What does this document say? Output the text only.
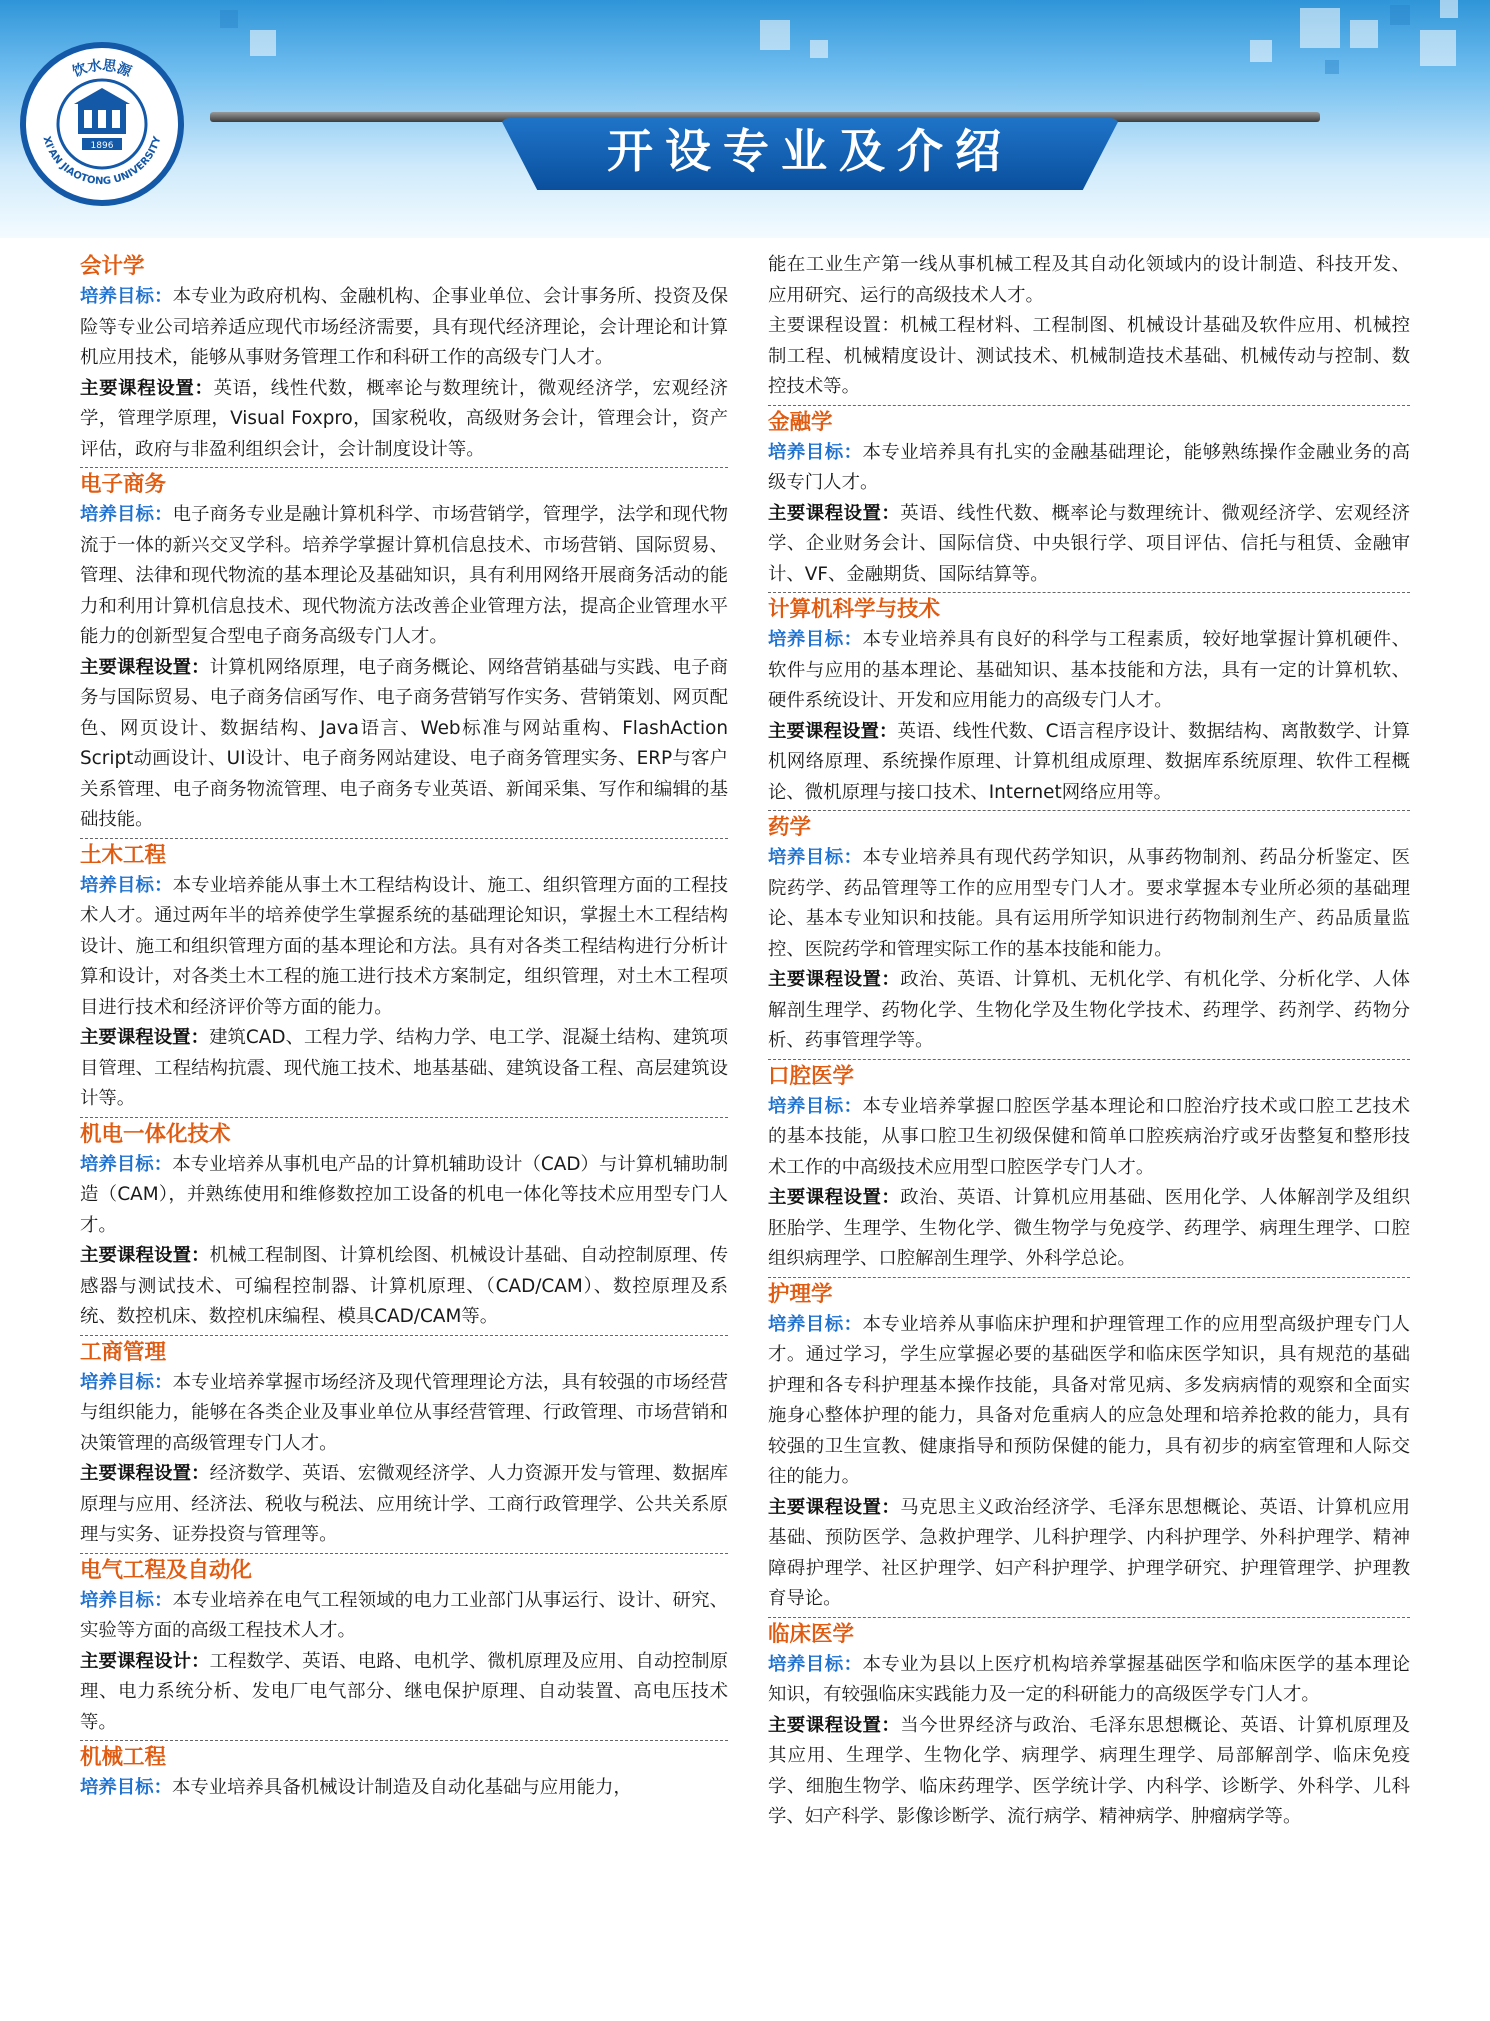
开设专业及介绍
饮水思源
XI'AN JIAOTONG UNIVERSITY
1896
会计学

培养目标：本专业为政府机构、金融机构、企事业单位、会计事务所、投资及保险等专业公司培养适应现代市场经济需要，具有现代经济理论，会计理论和计算机应用技术，能够从事财务管理工作和科研工作的高级专门人才。

主要课程设置：英语，线性代数，概率论与数理统计，微观经济学，宏观经济学，管理学原理，Visual Foxpro，国家税收，高级财务会计，管理会计，资产评估，政府与非盈利组织会计，会计制度设计等。

电子商务

培养目标：电子商务专业是融计算机科学、市场营销学，管理学，法学和现代物流于一体的新兴交叉学科。培养学掌握计算机信息技术、市场营销、国际贸易、管理、法律和现代物流的基本理论及基础知识，具有利用网络开展商务活动的能力和利用计算机信息技术、现代物流方法改善企业管理方法，提高企业管理水平能力的创新型复合型电子商务高级专门人才。

主要课程设置：计算机网络原理，电子商务概论、网络营销基础与实践、电子商务与国际贸易、电子商务信函写作、电子商务营销写作实务、营销策划、网页配色、网页设计、数据结构、Java语言、Web标准与网站重构、FlashAction Script动画设计、UI设计、电子商务网站建设、电子商务管理实务、ERP与客户关系管理、电子商务物流管理、电子商务专业英语、新闻采集、写作和编辑的基础技能。

土木工程

培养目标：本专业培养能从事土木工程结构设计、施工、组织管理方面的工程技术人才。通过两年半的培养使学生掌握系统的基础理论知识，掌握土木工程结构设计、施工和组织管理方面的基本理论和方法。具有对各类工程结构进行分析计算和设计，对各类土木工程的施工进行技术方案制定，组织管理，对土木工程项目进行技术和经济评价等方面的能力。

主要课程设置：建筑CAD、工程力学、结构力学、电工学、混凝土结构、建筑项目管理、工程结构抗震、现代施工技术、地基基础、建筑设备工程、高层建筑设计等。

机电一体化技术

培养目标：本专业培养从事机电产品的计算机辅助设计（CAD）与计算机辅助制造（CAM），并熟练使用和维修数控加工设备的机电一体化等技术应用型专门人才。

主要课程设置：机械工程制图、计算机绘图、机械设计基础、自动控制原理、传感器与测试技术、可编程控制器、计算机原理、（CAD/CAM）、数控原理及系统、数控机床、数控机床编程、模具CAD/CAM等。

工商管理

培养目标：本专业培养掌握市场经济及现代管理理论方法，具有较强的市场经营与组织能力，能够在各类企业及事业单位从事经营管理、行政管理、市场营销和决策管理的高级管理专门人才。

主要课程设置：经济数学、英语、宏微观经济学、人力资源开发与管理、数据库原理与应用、经济法、税收与税法、应用统计学、工商行政管理学、公共关系原理与实务、证券投资与管理等。

电气工程及自动化

培养目标：本专业培养在电气工程领域的电力工业部门从事运行、设计、研究、实验等方面的高级工程技术人才。

主要课程设计：工程数学、英语、电路、电机学、微机原理及应用、自动控制原理、电力系统分析、发电厂电气部分、继电保护原理、自动装置、高电压技术等。

机械工程

培养目标：本专业培养具备机械设计制造及自动化基础与应用能力，

能在工业生产第一线从事机械工程及其自动化领域内的设计制造、科技开发、应用研究、运行的高级技术人才。

主要课程设置：机械工程材料、工程制图、机械设计基础及软件应用、机械控制工程、机械精度设计、测试技术、机械制造技术基础、机械传动与控制、数控技术等。

金融学

培养目标：本专业培养具有扎实的金融基础理论，能够熟练操作金融业务的高级专门人才。

主要课程设置：英语、线性代数、概率论与数理统计、微观经济学、宏观经济学、企业财务会计、国际信贷、中央银行学、项目评估、信托与租赁、金融审计、VF、金融期货、国际结算等。

计算机科学与技术

培养目标：本专业培养具有良好的科学与工程素质，较好地掌握计算机硬件、软件与应用的基本理论、基础知识、基本技能和方法，具有一定的计算机软、硬件系统设计、开发和应用能力的高级专门人才。

主要课程设置：英语、线性代数、C语言程序设计、数据结构、离散数学、计算机网络原理、系统操作原理、计算机组成原理、数据库系统原理、软件工程概论、微机原理与接口技术、Internet网络应用等。

药学

培养目标：本专业培养具有现代药学知识，从事药物制剂、药品分析鉴定、医院药学、药品管理等工作的应用型专门人才。要求掌握本专业所必须的基础理论、基本专业知识和技能。具有运用所学知识进行药物制剂生产、药品质量监控、医院药学和管理实际工作的基本技能和能力。

主要课程设置：政治、英语、计算机、无机化学、有机化学、分析化学、人体解剖生理学、药物化学、生物化学及生物化学技术、药理学、药剂学、药物分析、药事管理学等。

口腔医学

培养目标：本专业培养掌握口腔医学基本理论和口腔治疗技术或口腔工艺技术的基本技能，从事口腔卫生初级保健和简单口腔疾病治疗或牙齿整复和整形技术工作的中高级技术应用型口腔医学专门人才。

主要课程设置：政治、英语、计算机应用基础、医用化学、人体解剖学及组织胚胎学、生理学、生物化学、微生物学与免疫学、药理学、病理生理学、口腔组织病理学、口腔解剖生理学、外科学总论。

护理学

培养目标：本专业培养从事临床护理和护理管理工作的应用型高级护理专门人才。通过学习，学生应掌握必要的基础医学和临床医学知识，具有规范的基础护理和各专科护理基本操作技能，具备对常见病、多发病病情的观察和全面实施身心整体护理的能力，具备对危重病人的应急处理和培养抢救的能力，具有较强的卫生宣教、健康指导和预防保健的能力，具有初步的病室管理和人际交往的能力。

主要课程设置：马克思主义政治经济学、毛泽东思想概论、英语、计算机应用基础、预防医学、急救护理学、儿科护理学、内科护理学、外科护理学、精神障碍护理学、社区护理学、妇产科护理学、护理学研究、护理管理学、护理教育导论。

临床医学

培养目标：本专业为县以上医疗机构培养掌握基础医学和临床医学的基本理论知识，有较强临床实践能力及一定的科研能力的高级医学专门人才。

主要课程设置：当今世界经济与政治、毛泽东思想概论、英语、计算机原理及其应用、生理学、生物化学、病理学、病理生理学、局部解剖学、临床免疫学、细胞生物学、临床药理学、医学统计学、内科学、诊断学、外科学、儿科学、妇产科学、影像诊断学、流行病学、精神病学、肿瘤病学等。
